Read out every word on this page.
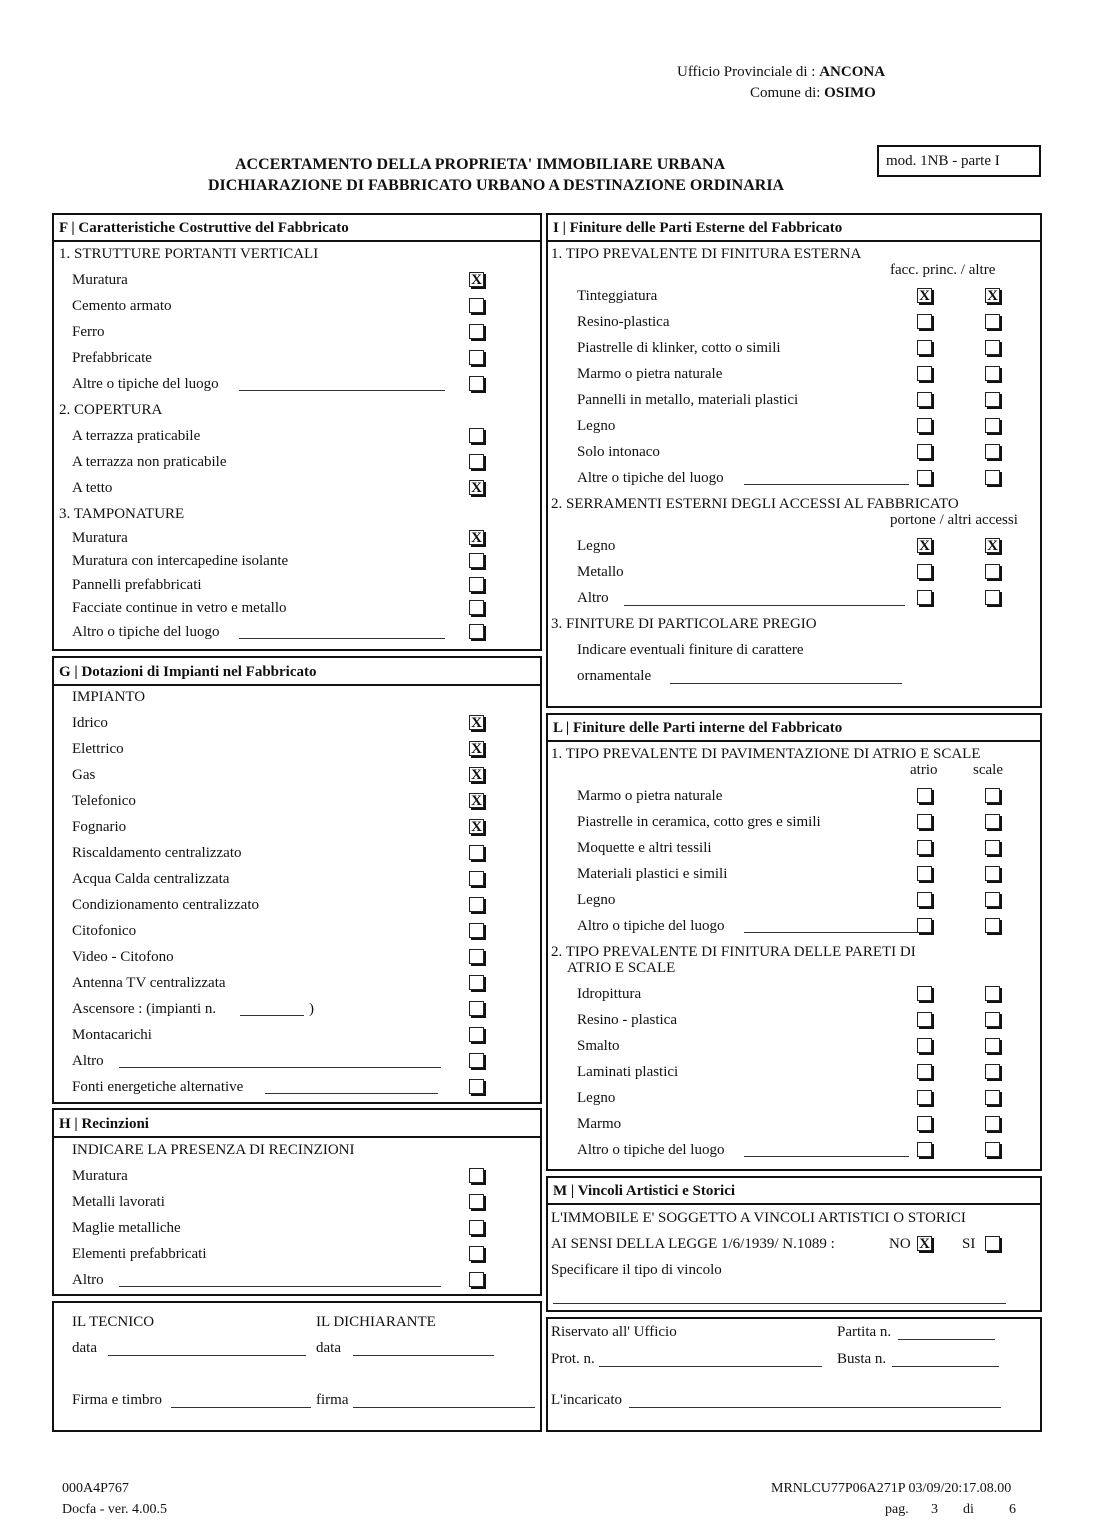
Ufficio Provinciale di : ANCONA
Comune di: OSIMO
ACCERTAMENTO DELLA PROPRIETA' IMMOBILIARE URBANA
DICHIARAZIONE DI FABBRICATO URBANO A DESTINAZIONE ORDINARIA
mod. 1NB - parte I
F | Caratteristiche Costruttive del Fabbricato
1. STRUTTURE PORTANTI VERTICALI
Muratura	X
Cemento armato
Ferro
Prefabbricate
Altre o tipiche del luogo
2. COPERTURA
A terrazza praticabile
A terrazza non praticabile
A tetto	X
3. TAMPONATURE
Muratura	X
Muratura con intercapedine isolante
Pannelli prefabbricati
Facciate continue in vetro e metallo
Altro o tipiche del luogo
G | Dotazioni di Impianti nel Fabbricato
IMPIANTO
Idrico	X
Elettrico	X
Gas	X
Telefonico	X
Fognario	X
Riscaldamento centralizzato
Acqua Calda centralizzata
Condizionamento centralizzato
Citofonico
Video - Citofono
Antenna TV centralizzata
Ascensore : (impianti n.	)
Montacarichi
Altro
Fonti energetiche alternative
H | Recinzioni
INDICARE LA PRESENZA DI RECINZIONI
Muratura
Metalli lavorati
Maglie metalliche
Elementi prefabbricati
Altro
IL TECNICO	IL DICHIARANTE
data	data
Firma e timbro	firma
I | Finiture delle Parti Esterne del Fabbricato
1. TIPO PREVALENTE DI FINITURA ESTERNA
facc. princ. / altre
Tinteggiatura	X	X
Resino-plastica
Piastrelle di klinker, cotto o simili
Marmo o pietra naturale
Pannelli in metallo, materiali plastici
Legno
Solo intonaco
Altre o tipiche del luogo
2. SERRAMENTI ESTERNI DEGLI ACCESSI AL FABBRICATO
portone / altri accessi
Legno	X	X
Metallo
Altro
3. FINITURE DI PARTICOLARE PREGIO
Indicare eventuali finiture di carattere
ornamentale
L | Finiture delle Parti interne del Fabbricato
1. TIPO PREVALENTE DI PAVIMENTAZIONE DI ATRIO E SCALE
atrio scale
Marmo o pietra naturale
Piastrelle in ceramica, cotto gres e simili
Moquette e altri tessili
Materiali plastici e simili
Legno
Altro o tipiche del luogo
2. TIPO PREVALENTE DI FINITURA DELLE PARETI DI
ATRIO E SCALE
Idropittura
Resino - plastica
Smalto
Laminati plastici
Legno
Marmo
Altro o tipiche del luogo
M | Vincoli Artistici e Storici
L'IMMOBILE E' SOGGETTO A VINCOLI ARTISTICI O STORICI
AI SENSI DELLA LEGGE 1/6/1939/ N.1089 :	NO X SI
Specificare il tipo di vincolo
Riservato all' Ufficio	Partita n.
Prot. n.	Busta n.
L'incaricato
000A4P767
Docfa - ver. 4.00.5
MRNLCU77P06A271P 03/09/20:17.08.00
pag. 3 di	6
